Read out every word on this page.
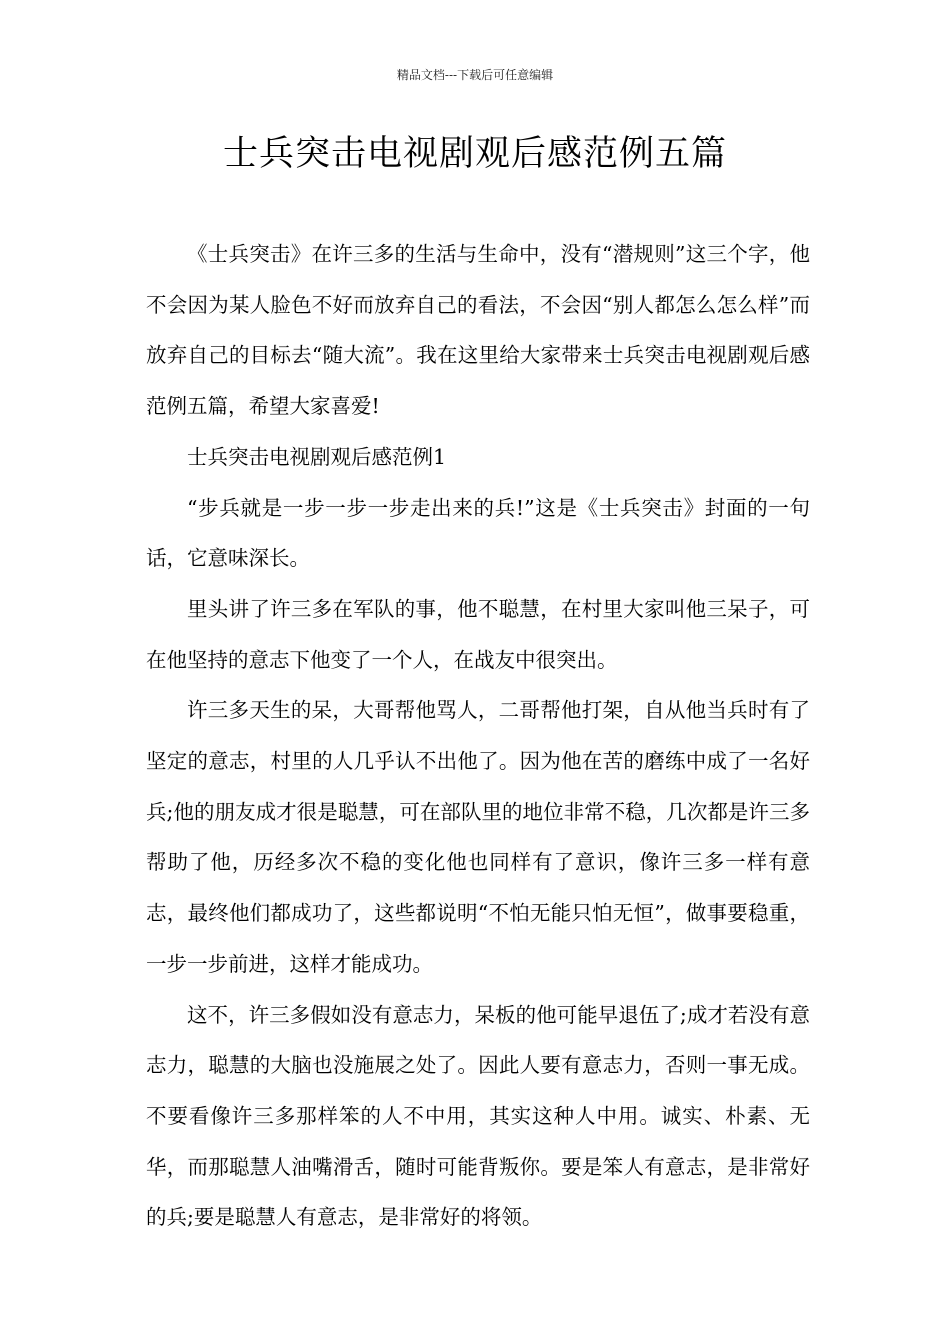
精品文档---下载后可任意编辑
士兵突击电视剧观后感范例五篇

《士兵突击》在许三多的生活与生命中，没有“潜规则”这三个字，他不会因为某人脸色不好而放弃自己的看法，不会因“别人都怎么怎么样”而放弃自己的目标去“随大流”。我在这里给大家带来士兵突击电视剧观后感范例五篇，希望大家喜爱!

士兵突击电视剧观后感范例1

“步兵就是一步一步一步走出来的兵!”这是《士兵突击》封面的一句话，它意味深长。

里头讲了许三多在军队的事，他不聪慧，在村里大家叫他三呆子，可在他坚持的意志下他变了一个人，在战友中很突出。

许三多天生的呆，大哥帮他骂人，二哥帮他打架，自从他当兵时有了坚定的意志，村里的人几乎认不出他了。因为他在苦的磨练中成了一名好兵;他的朋友成才很是聪慧，可在部队里的地位非常不稳，几次都是许三多帮助了他，历经多次不稳的变化他也同样有了意识，像许三多一样有意志，最终他们都成功了，这些都说明“不怕无能只怕无恒”，做事要稳重，一步一步前进，这样才能成功。

这不，许三多假如没有意志力，呆板的他可能早退伍了;成才若没有意志力，聪慧的大脑也没施展之处了。因此人要有意志力，否则一事无成。不要看像许三多那样笨的人不中用，其实这种人中用。诚实、朴素、无华，而那聪慧人油嘴滑舌，随时可能背叛你。要是笨人有意志，是非常好的兵;要是聪慧人有意志，是非常好的将领。
